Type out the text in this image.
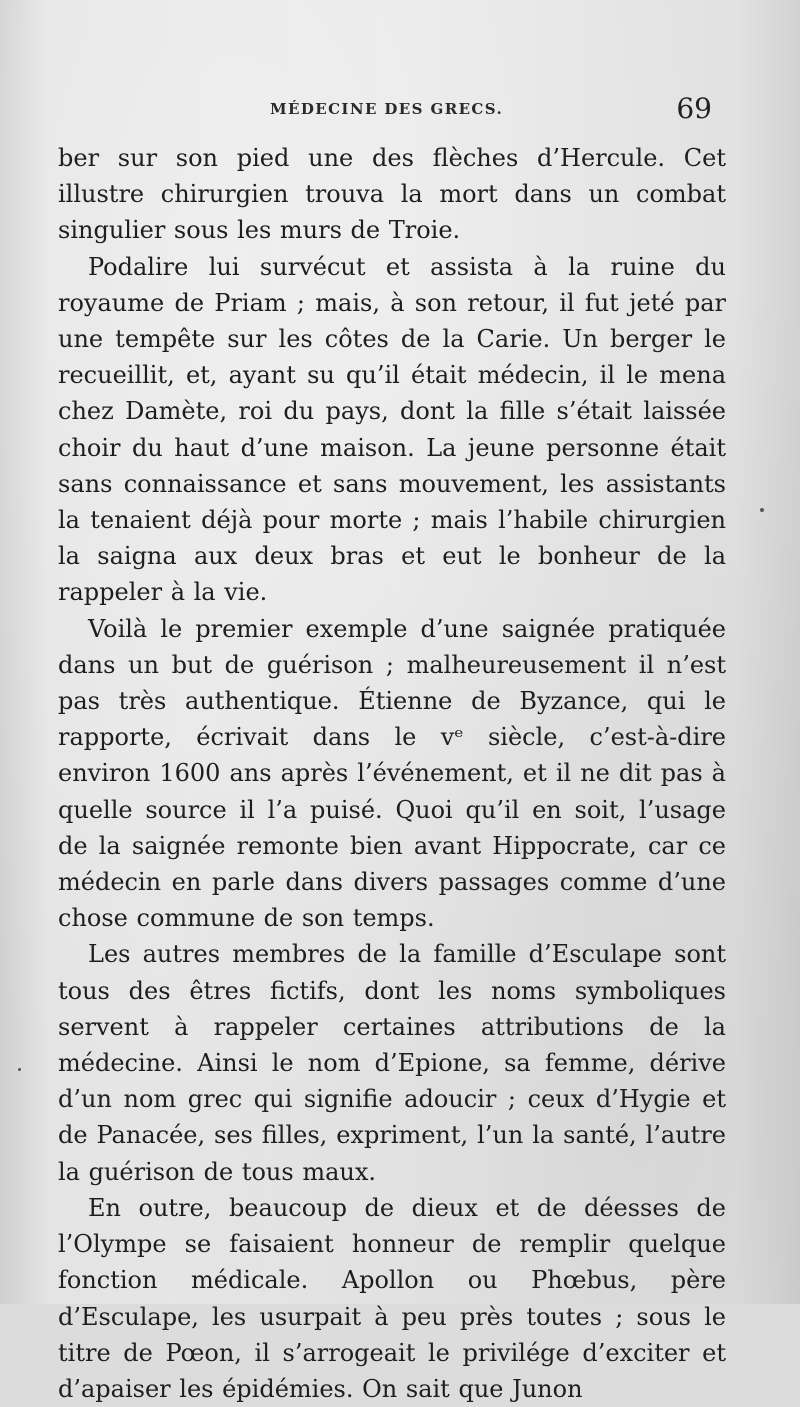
MÉDECINE DES GRECS.	69

ber sur son pied une des flèches d’Hercule. Cet illustre chirurgien trouva la mort dans un combat singulier sous les murs de Troie.

Podalire lui survécut et assista à la ruine du royaume de Priam ; mais, à son retour, il fut jeté par une tempête sur les côtes de la Carie. Un berger le recueillit, et, ayant su qu’il était médecin, il le mena chez Damète, roi du pays, dont la fille s’était laissée choir du haut d’une maison. La jeune personne était sans connaissance et sans mouvement, les assistants la tenaient déjà pour morte ; mais l’habile chirurgien la saigna aux deux bras et eut le bonheur de la rappeler à la vie.

Voilà le premier exemple d’une saignée pratiquée dans un but de guérison ; malheureusement il n’est pas très authentique. Étienne de Byzance, qui le rapporte, écrivait dans le vᵉ siècle, c’est-à-dire environ 1600 ans après l’événement, et il ne dit pas à quelle source il l’a puisé. Quoi qu’il en soit, l’usage de la saignée remonte bien avant Hippocrate, car ce médecin en parle dans divers passages comme d’une chose commune de son temps.

Les autres membres de la famille d’Esculape sont tous des êtres fictifs, dont les noms symboliques servent à rappeler certaines attributions de la médecine. Ainsi le nom d’Epione, sa femme, dérive d’un nom grec qui signifie adoucir ; ceux d’Hygie et de Panacée, ses filles, expriment, l’un la santé, l’autre la guérison de tous maux.

En outre, beaucoup de dieux et de déesses de l’Olympe se faisaient honneur de remplir quelque fonction médicale. Apollon ou Phœbus, père d’Esculape, les usurpait à peu près toutes ; sous le titre de Pœon, il s’arrogeait le privilége d’exciter et d’apaiser les épidémies. On sait que Junon
